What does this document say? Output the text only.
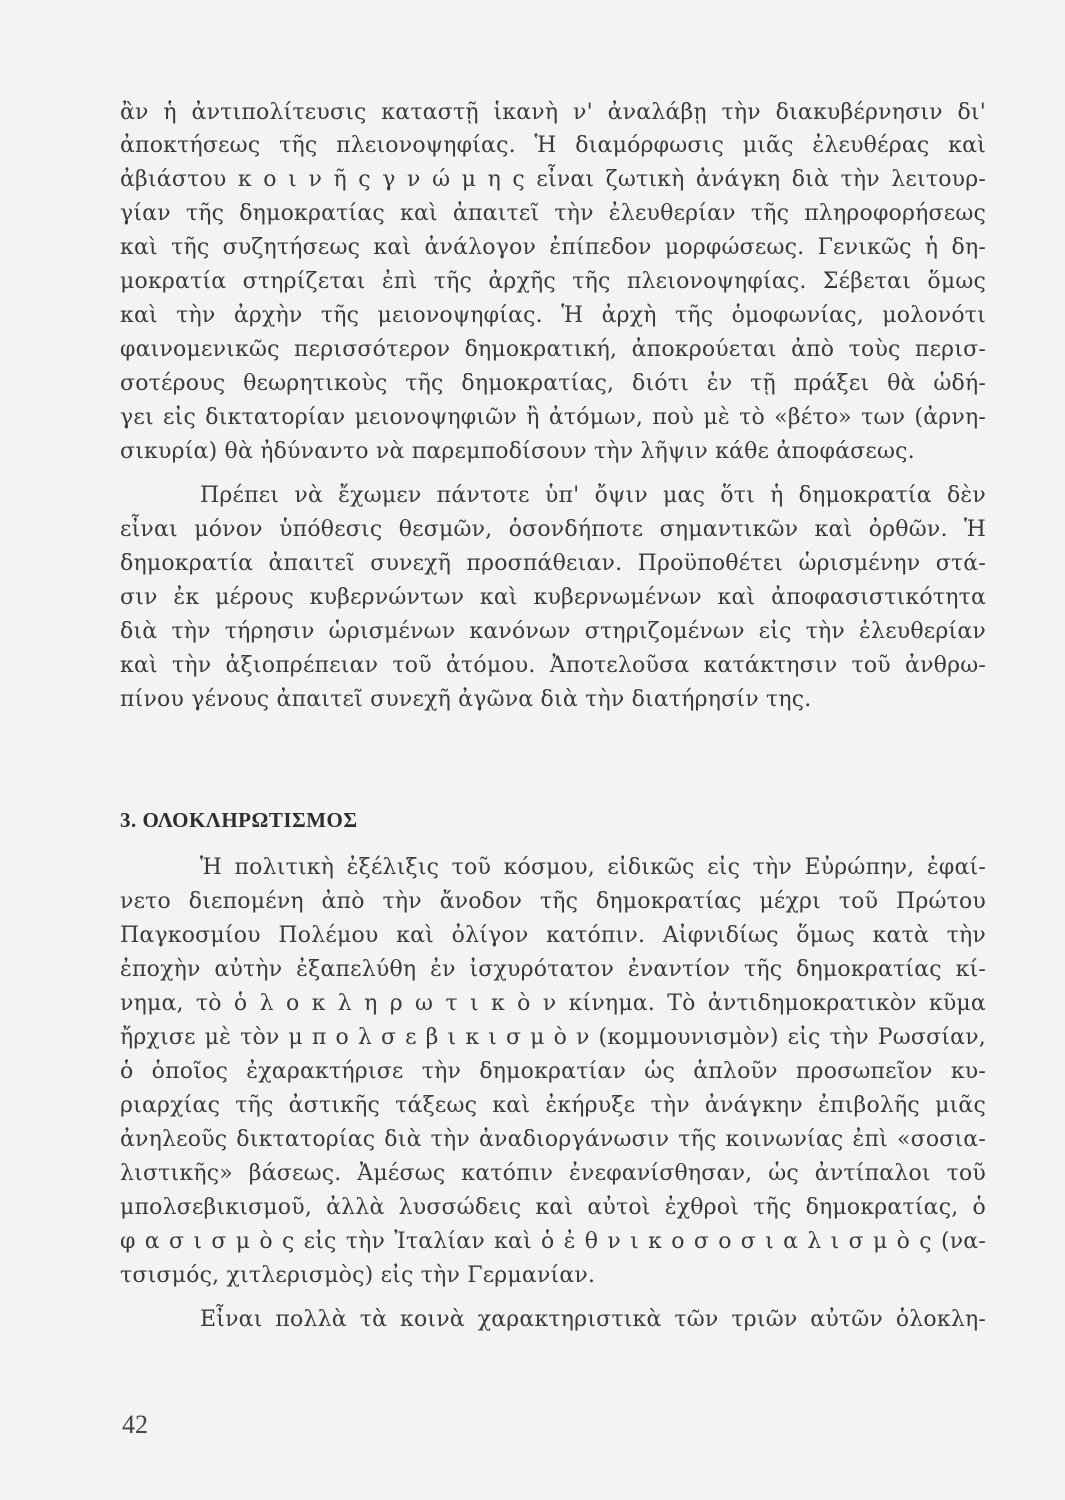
ἂν ἡ ἀντιπολίτευσις καταστῇ ἱκανὴ ν' ἀναλάβῃ τὴν διακυβέρνησιν δι'
ἀποκτήσεως τῆς πλειονοψηφίας. Ἡ διαμόρφωσις μιᾶς ἐλευθέρας καὶ
ἀβιάστου κ ο ι ν ῆ ς γ ν ώ μ η ς εἶναι ζωτικὴ ἀνάγκη διὰ τὴν λειτουρ-
γίαν τῆς δημοκρατίας καὶ ἀπαιτεῖ τὴν ἐλευθερίαν τῆς πληροφορήσεως
καὶ τῆς συζητήσεως καὶ ἀνάλογον ἐπίπεδον μορφώσεως. Γενικῶς ἡ δη-
μοκρατία στηρίζεται ἐπὶ τῆς ἀρχῆς τῆς πλειονοψηφίας. Σέβεται ὅμως
καὶ τὴν ἀρχὴν τῆς μειονοψηφίας. Ἡ ἀρχὴ τῆς ὁμοφωνίας, μολονότι
φαινομενικῶς περισσότερον δημοκρατική, ἀποκρούεται ἀπὸ τοὺς περισ-
σοτέρους θεωρητικοὺς τῆς δημοκρατίας, διότι ἐν τῇ πράξει θὰ ὡδή-
γει εἰς δικτατορίαν μειονοψηφιῶν ἢ ἀτόμων, ποὺ μὲ τὸ «βέτο» των (ἀρνη-
σικυρία) θὰ ἠδύναντο νὰ παρεμποδίσουν τὴν λῆψιν κάθε ἀποφάσεως.
Πρέπει νὰ ἔχωμεν πάντοτε ὑπ' ὄψιν μας ὅτι ἡ δημοκρατία δὲν
εἶναι μόνον ὑπόθεσις θεσμῶν, ὁσονδήποτε σημαντικῶν καὶ ὀρθῶν. Ἡ
δημοκρατία ἀπαιτεῖ συνεχῆ προσπάθειαν. Προϋποθέτει ὡρισμένην στά-
σιν ἐκ μέρους κυβερνώντων καὶ κυβερνωμένων καὶ ἀποφασιστικότητα
διὰ τὴν τήρησιν ὡρισμένων κανόνων στηριζομένων εἰς τὴν ἐλευθερίαν
καὶ τὴν ἀξιοπρέπειαν τοῦ ἀτόμου. Ἀποτελοῦσα κατάκτησιν τοῦ ἀνθρω-
πίνου γένους ἀπαιτεῖ συνεχῆ ἀγῶνα διὰ τὴν διατήρησίν της.
3. ΟΛΟΚΛΗΡΩΤΙΣΜΟΣ
Ἡ πολιτικὴ ἐξέλιξις τοῦ κόσμου, εἰδικῶς εἰς τὴν Εὐρώπην, ἐφαί-
νετο διεπομένη ἀπὸ τὴν ἄνοδον τῆς δημοκρατίας μέχρι τοῦ Πρώτου
Παγκοσμίου Πολέμου καὶ ὀλίγον κατόπιν. Αἰφνιδίως ὅμως κατὰ τὴν
ἐποχὴν αὐτὴν ἐξαπελύθη ἐν ἰσχυρότατον ἐναντίον τῆς δημοκρατίας κί-
νημα, τὸ ὁ λ ο κ λ η ρ ω τ ι κ ὸ ν κίνημα. Τὸ ἀντιδημοκρατικὸν κῦμα
ἤρχισε μὲ τὸν μ π ο λ σ ε β ι κ ι σ μ ὸ ν (κομμουνισμὸν) εἰς τὴν Ρωσσίαν,
ὁ ὁποῖος ἐχαρακτήρισε τὴν δημοκρατίαν ὡς ἁπλοῦν προσωπεῖον κυ-
ριαρχίας τῆς ἀστικῆς τάξεως καὶ ἐκήρυξε τὴν ἀνάγκην ἐπιβολῆς μιᾶς
ἀνηλεοῦς δικτατορίας διὰ τὴν ἀναδιοργάνωσιν τῆς κοινωνίας ἐπὶ «σοσια-
λιστικῆς» βάσεως. Ἀμέσως κατόπιν ἐνεφανίσθησαν, ὡς ἀντίπαλοι τοῦ
μπολσεβικισμοῦ, ἀλλὰ λυσσώδεις καὶ αὐτοὶ ἐχθροὶ τῆς δημοκρατίας, ὁ
φ α σ ι σ μ ὸ ς εἰς τὴν Ἰταλίαν καὶ ὁ ἐ θ ν ι κ ο σ ο σ ι α λ ι σ μ ὸ ς (να-
τσισμός, χιτλερισμὸς) εἰς τὴν Γερμανίαν.
Εἶναι πολλὰ τὰ κοινὰ χαρακτηριστικὰ τῶν τριῶν αὐτῶν ὁλοκλη-
42
